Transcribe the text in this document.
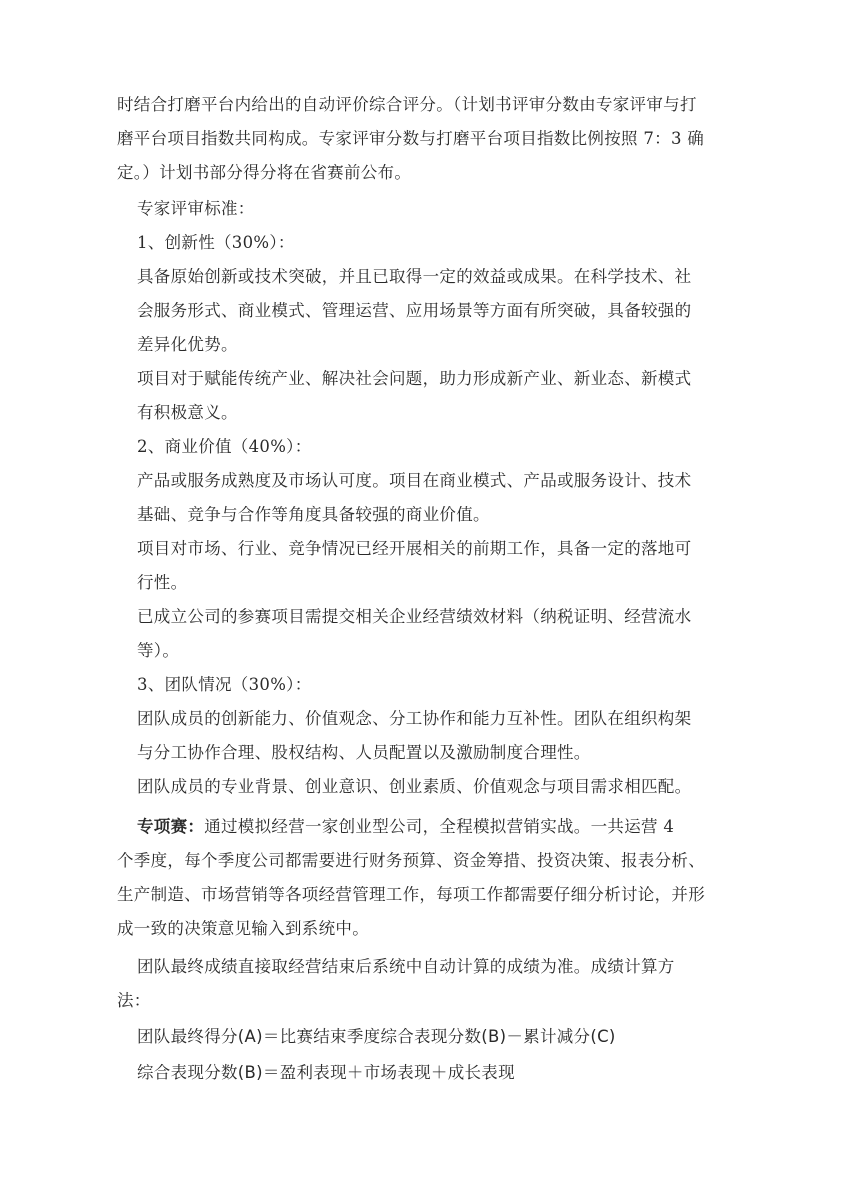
时结合打磨平台内给出的自动评价综合评分。（计划书评审分数由专家评审与打
磨平台项目指数共同构成。专家评审分数与打磨平台项目指数比例按照 7：3 确
定。）计划书部分得分将在省赛前公布。
专家评审标准：
1、创新性（30%）：
具备原始创新或技术突破，并且已取得一定的效益或成果。在科学技术、社
会服务形式、商业模式、管理运营、应用场景等方面有所突破，具备较强的
差异化优势。
项目对于赋能传统产业、解决社会问题，助力形成新产业、新业态、新模式
有积极意义。
2、商业价值（40%）：
产品或服务成熟度及市场认可度。项目在商业模式、产品或服务设计、技术
基础、竞争与合作等角度具备较强的商业价值。
项目对市场、行业、竞争情况已经开展相关的前期工作，具备一定的落地可
行性。
已成立公司的参赛项目需提交相关企业经营绩效材料（纳税证明、经营流水
等）。
3、团队情况（30%）：
团队成员的创新能力、价值观念、分工协作和能力互补性。团队在组织构架
与分工协作合理、股权结构、人员配置以及激励制度合理性。
团队成员的专业背景、创业意识、创业素质、价值观念与项目需求相匹配。
专项赛：通过模拟经营一家创业型公司，全程模拟营销实战。一共运营 4
个季度，每个季度公司都需要进行财务预算、资金筹措、投资决策、报表分析、
生产制造、市场营销等各项经营管理工作，每项工作都需要仔细分析讨论，并形
成一致的决策意见输入到系统中。
团队最终成绩直接取经营结束后系统中自动计算的成绩为准。成绩计算方
法：
团队最终得分(A)＝比赛结束季度综合表现分数(B)－累计减分(C)
综合表现分数(B)＝盈利表现＋市场表现＋成长表现
